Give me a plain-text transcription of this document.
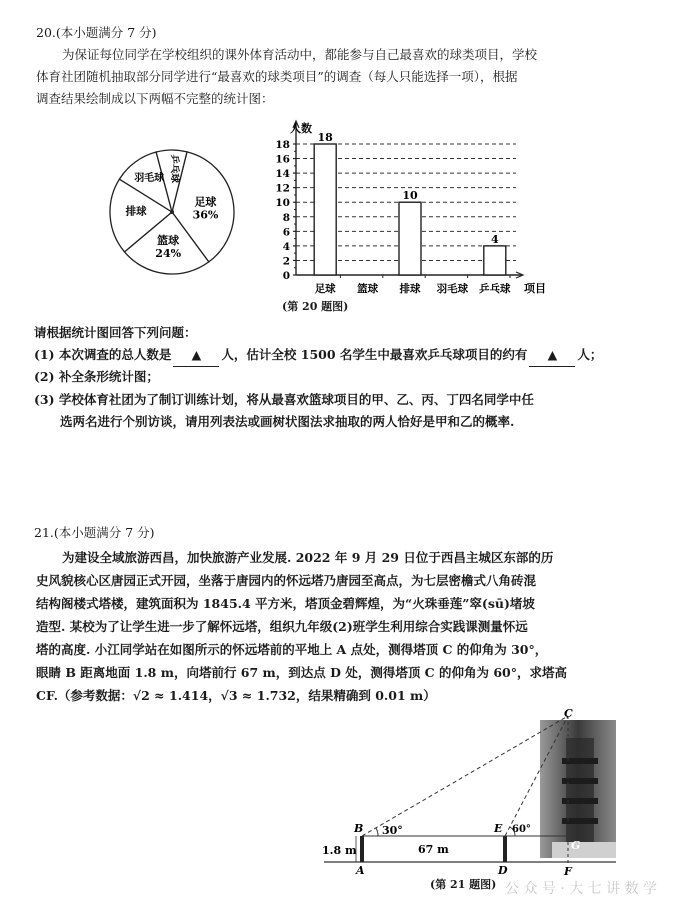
20.(本小题满分 7 分)
为保证每位同学在学校组织的课外体育活动中，都能参与自己最喜欢的球类项目，学校
体育社团随机抽取部分同学进行“最喜欢的球类项目”的调查（每人只能选择一项），根据
调查结果绘制成以下两幅不完整的统计图：
足球
36%
篮球
24%
排球
羽毛球 乒乓球
0
2
4
6
8
10
12
14
16
18
18
10
4
足球 篮球 排球 羽毛球 乒乓球
人数
项目
(第 20 题图)
请根据统计图回答下列问题：
(1) 本次调查的总人数是	▲	人，估计全校 1500 名学生中最喜欢乒乓球项目的约有	▲	人；
(2) 补全条形统计图；
(3) 学校体育社团为了制订训练计划，将从最喜欢篮球项目的甲、乙、丙、丁四名同学中任
选两名进行个别访谈，请用列表法或画树状图法求抽取的两人恰好是甲和乙的概率.
21.(本小题满分 7 分)
为建设全域旅游西昌，加快旅游产业发展. 2022 年 9 月 29 日位于西昌主城区东部的历
史风貌核心区唐园正式开园，坐落于唐园内的怀远塔乃唐园至高点，为七层密檐式八角砖混
结构阁楼式塔楼，建筑面积为 1845.4 平方米，塔顶金碧辉煌，为“火珠垂莲”窣(sū)堵坡
造型. 某校为了让学生进一步了解怀远塔，组织九年级(2)班学生利用综合实践课测量怀远
塔的高度. 小江同学站在如图所示的怀远塔前的平地上 A 点处，测得塔顶 C 的仰角为 30°，
眼睛 B 距离地面 1.8 m，向塔前行 67 m，到达点 D 处，测得塔顶 C 的仰角为 60°，求塔高
CF.（参考数据：√2 ≈ 1.414，√3 ≈ 1.732，结果精确到 0.01 m）
1.8 m	67 m
30°	60°
B
A
C
D
E
F
G
(第 21 题图) 公 众 号 · 大 七 讲 数 学
